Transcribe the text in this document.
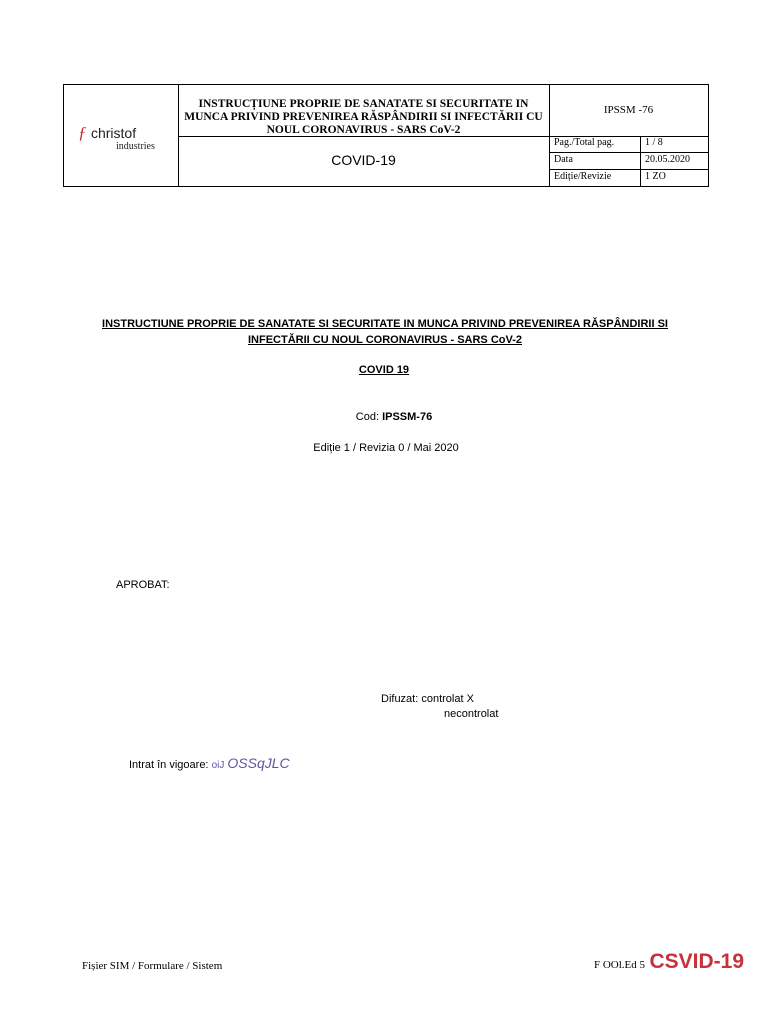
ƒ christof
industries
INSTRUCȚIUNE PROPRIE DE SANATATE SI SECURITATE IN MUNCA PRIVIND PREVENIREA RĂSPÂNDIRII SI INFECTĂRII CU NOUL CORONAVIRUS - SARS CoV-2
IPSSM -76
COVID-19
Pag./Total pag.	1 / 8
Data	20.05.2020
Ediție/Revizie	1 ZO
INSTRUCTIUNE PROPRIE DE SANATATE SI SECURITATE IN MUNCA PRIVIND PREVENIREA RĂSPÂNDIRII SI INFECTĂRII CU NOUL CORONAVIRUS - SARS CoV-2
COVID 19
Cod: IPSSM-76
Ediție 1 / Revizia 0 / Mai 2020
APROBAT:
Difuzat: controlat X
necontrolat
Intrat în vigoare: oiJ OSSqJLC
Fișier SIM / Formulare / Sistem	F OOl.Ed 5 CSVID-19
